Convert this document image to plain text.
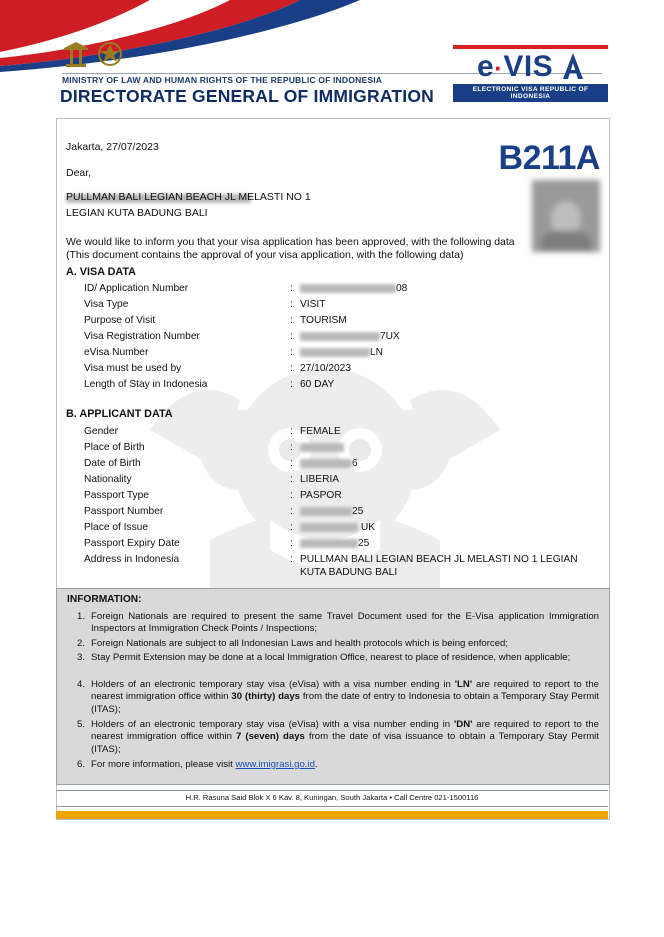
MINISTRY OF LAW AND HUMAN RIGHTS OF THE REPUBLIC OF INDONESIA
DIRECTORATE GENERAL OF IMMIGRATION
e·VIS
ELECTRONIC VISA REPUBLIC OF INDONESIA
Jakarta, 27/07/2023
Dear,
PULLMAN BALI LEGIAN BEACH JL MELASTI NO 1
LEGIAN KUTA BADUNG BALI
We would like to inform you that your visa application has been approved, with the following data
(This document contains the approval of your visa application, with the following data)
B211A
A. VISA DATA
ID/ Application Number	:	08
Visa Type	: VISIT
Purpose of Visit	: TOURISM
Visa Registration Number	:	7UX
eVisa Number	:	LN
Visa must be used by	: 27/10/2023
Length of Stay in Indonesia	: 60 DAY
B. APPLICANT DATA
Gender	: FEMALE
Place of Birth	:
Date of Birth	:	6
Nationality	: LIBERIA
Passport Type	: PASPOR
Passport Number	:	25
Place of Issue	:	UK
Passport Expiry Date	:	25
Address in Indonesia	: PULLMAN BALI LEGIAN BEACH JL MELASTI NO 1 LEGIAN
KUTA BADUNG BALI
INFORMATION:
1. Foreign Nationals are required to present the same Travel Document used for the E-Visa application Immigration Inspectors at Immigration Check Points / Inspections;
2. Foreign Nationals are subject to all Indonesian Laws and health protocols which is being enforced;
3. Stay Permit Extension may be done at a local Immigration Office, nearest to place of residence, when applicable;
4. Holders of an electronic temporary stay visa (eVisa) with a visa number ending in 'LN' are required to report to the nearest immigration office within 30 (thirty) days from the date of entry to Indonesia to obtain a Temporary Stay Permit (ITAS);
5. Holders of an electronic temporary stay visa (eVisa) with a visa number ending in 'DN' are required to report to the nearest immigration office within 7 (seven) days from the date of visa issuance to obtain a Temporary Stay Permit (ITAS);
6. For more information, please visit www.imigrasi.go.id.
H.R. Rasuna Said Blok X 6 Kav. 8, Kuningan, South Jakarta • Call Centre 021-1500116
